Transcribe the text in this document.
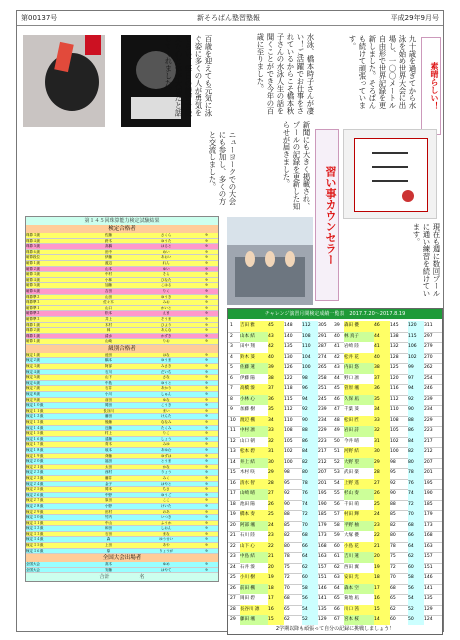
第00137号	新そろばん塾習塾報	平成29年9月号
百歳を迎えても元気に泳ぐ姿に多くの人が勇気をもらい、毎日の練習で鍛えた心と体が大切だと話してくれました。
ニューヨークでの大会にも参加し、多くの方と交流しました。
水泳、橋本時子さんが凄い！ご活躍でお仕事をされているからこそ橋本秋子さんの水泳人生の話を聞くことができ今年の百歳に至りました。
新聞にも大きく掲載され、プールの記録を更新した知らせが届きました。
九十歳を過ぎてから水泳を始め世界大会に出場し、一〇〇メートル自由形で世界記録を更新しました。そろばんも続けて頑張っています。
素晴らしい！
習い事カウンセラー	現在も週に数回プールに通い練習を続けています。
第１４５回珠算能力検定試験結果
検定合格者
珠算３級	佐藤	さくら	9
珠算４級	鈴木	ゆうた	9
珠算５級	高橋	はると	9
珠算６級	田中	めい	9
暗算段位	伊藤	あおい	9
暗算１級	渡辺	れん	9
暗算２級	山本	ゆい	9
暗算３級	中村	そら	9
暗算４級	小林	ひなた	9
暗算５級	加藤	こはる	9
暗算６級	吉田	りく	9
珠算準２	山田	ゆうき	9
珠算準３	佐々木	みお	9
暗算準１	山口	かいと	9
暗算準２	松本	えま	9
暗算準３	井上	そうま	9
珠算１級	木村	ひより	9
珠算２級	林	あんな	9
珠算１級	清水	かずき	9
暗算１級	山崎	りお	9
級別合格者
検定１級	池田	はな	9
検定２級	橋本	ゆうま	9
検定３級	阿部	みさき	9
検定４級	石川	だいち	9
検定５級	山下	さな	9
検定６級	中島	ゆうと	9
検定７級	石井	あかり	9
検定８級	小川	しゅん	9
検定９級	前田	ゆな	9
検定１０級	岡田	こうき	9
検定１１級	長谷川	まい	9
検定１２級	藤田	けんた	9
検定１３級	後藤	ななみ	9
検定１４級	近藤	たくみ	9
検定１５級	村上	りこ	9
検定１６級	遠藤	しょう	9
検定１７級	青木	みゆ	9
検定１８級	坂本	あゆむ	9
検定１９級	斉藤	ゆずは	9
検定２０級	福田	とうま	9
検定２１級	太田	かな	9
検定２２級	西村	りょう	9
検定２３級	藤井	みく	9
検定２４級	金子	はやと	9
検定２５級	岡本	ちさ	9
検定２６級	中野	ゆうご	9
検定２７級	原田	ここ	9
検定２８級	小野	けいた	9
検定２９級	田村	のあ	9
検定３０級	竹内	いつき	9
検定３１級	中山	ふうか	9
検定３２級	和田	しおん	9
検定３３級	石田	まな	9
検定３４級	森	ゆうせい	9
検定３５級	上田	あや	9
検定３６級	原	りょうが	9
全国大会出場者
全国大会	高木	ゆめ	9
全国大会	安藤	はやて	9
合計　　　　　　名
チャレンジ演習月間検定成績一覧表　2017.7.20～2017.8.19
1	吉田 雅	45	148	112	305	39 森田 優	46	145	120	311
2	山本 結	43	140	108	291	40 林 真子	44	138	115	297
3	田中 翔	42	135	110	287	41 岩崎 陸	41	132	106	279
4	鈴木 葵	40	130	104	274	42 松井 花	40	128	102	270
5	佐藤 蓮	39	126	100	265	43 内田 悠	38	125	99	262
6	伊藤 陽	38	122	98	258	44 野口 凛	37	120	97	254
7	高橋 湊	37	118	96	251	45 菅原 颯	36	116	94	246
8	小林 心	36	115	94	245	46 久保 凪	35	112	92	239
9	加藤 樹	35	112	92	239	47 千葉 葵	34	110	90	234
10 渡辺 楓	34	110	90	234	48 松田 匠	33	108	88	229
11 中村 凛	33	108	88	229	49 岩田 詩	32	105	86	223
12 山口 朝	32	105	86	223	50 今井 晴	31	102	84	217
13 松本 碧	31	102	84	217	51 河野 結	30	100	82	212
14 井上 結	30	100	82	212	52 大野 望	29	98	80	207
15 木村 咲	29	98	80	207	53 武田 楽	28	95	78	201
16 清水 智	28	95	78	201	54 上野 遥	27	92	76	195
17 山崎 晴	27	92	76	195	55 杉山 奏	26	90	74	190
18 池田 陽	26	90	74	190	56 千田 萌	25	88	72	185
19 橋本 奏	25	88	72	185	57 村田 輝	24	85	70	179
20 阿部 颯	24	85	70	179	58 平野 柚	23	82	68	173
21 石川 陸	23	82	68	173	59 大塚 優	22	80	66	168
22 山下 心	22	80	66	168	60 小島 花	21	78	64	163
23 中島 結	21	78	64	163	61 吉川 蓮	20	75	62	157
24 石井 湊	20	75	62	157	62 西田 翼	19	72	60	151
25 小川 樹	19	72	60	151	63 安田 光	18	70	58	146
26 前田 楓	18	70	58	146	64 森本 空	17	68	56	141
27 岡田 碧	17	68	56	141	65 菊地 凪	16	65	54	135
28 長谷川 凛	16	65	54	135	66 川口 茜	15	62	52	129
29 藤田 颯	15	62	52	129	67 宮本 桜	14	60	50	124
2学期以降も頑張って自分の記録に挑戦しましょう！
